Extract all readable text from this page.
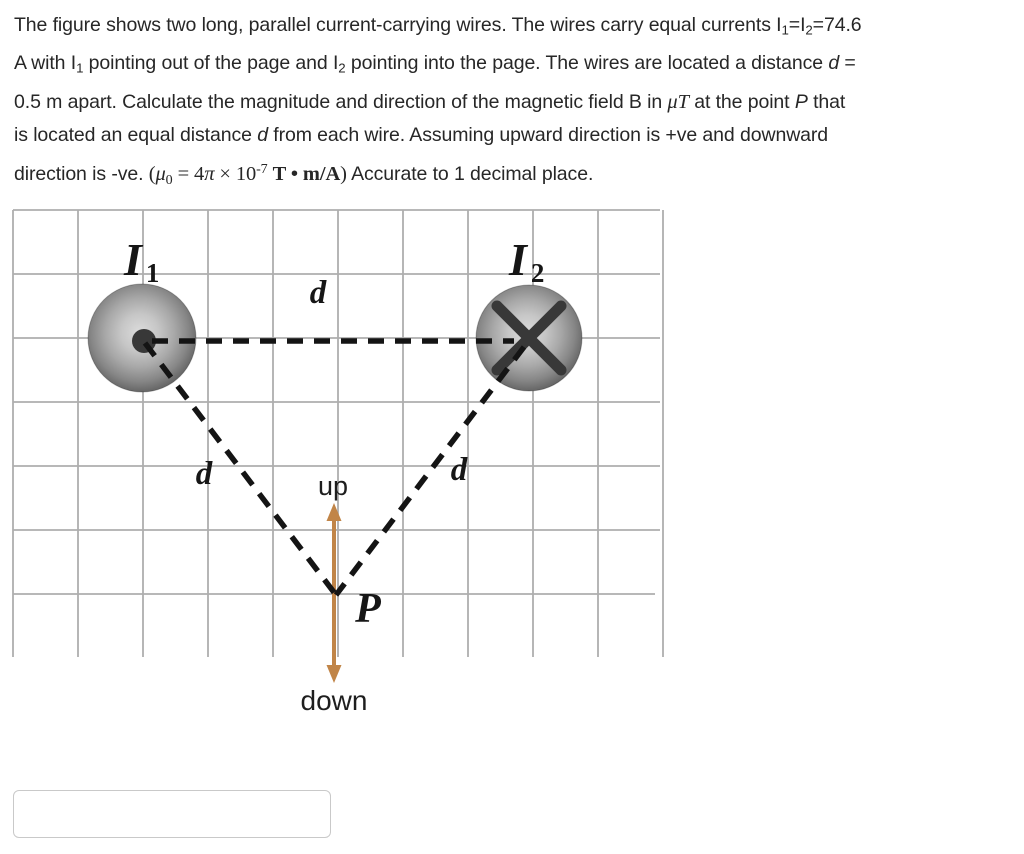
The figure shows two long, parallel current-carrying wires. The wires carry equal currents I1=I2=74.6
A with I1 pointing out of the page and I2 pointing into the page. The wires are located a distance d =
0.5 m apart. Calculate the magnitude and direction of the magnetic field B in μT at the point P that
is located an equal distance d from each wire. Assuming upward direction is +ve and downward
direction is -ve. ($\mu_0 = 4\pi \times 10^{-7}$ T • m/A) Accurate to 1 decimal place.
I 1	I 2
d
d	d
up
P
down
